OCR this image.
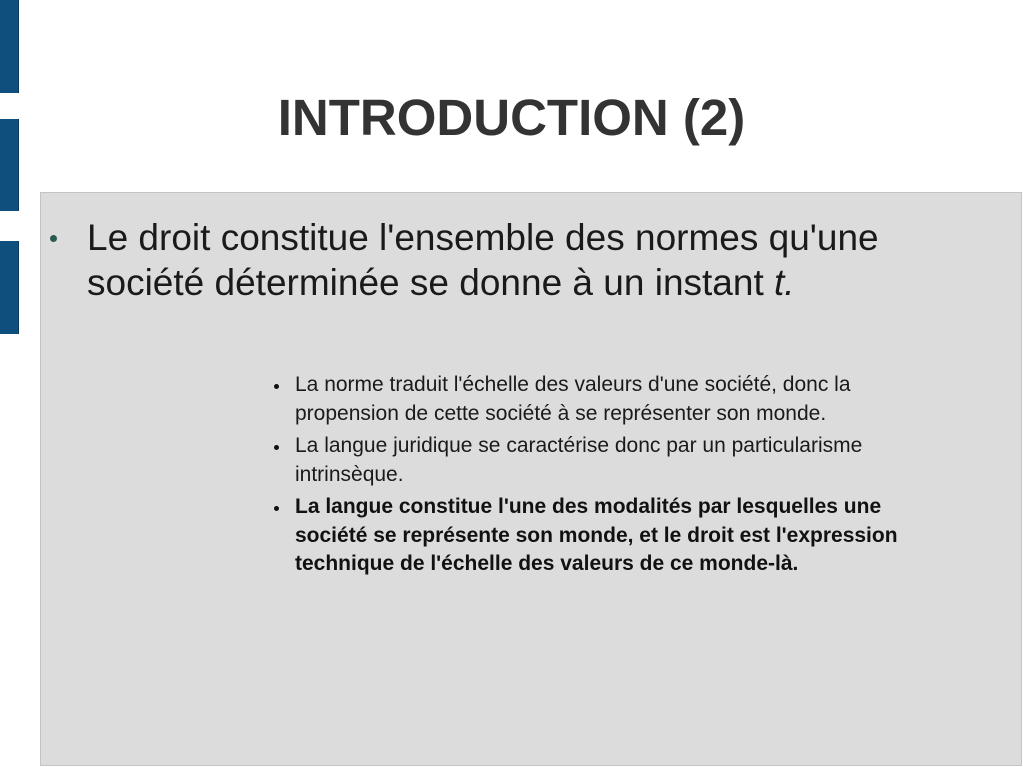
INTRODUCTION (2)
Le droit constitue l'ensemble des normes qu'une société déterminée se donne à un instant t.
La norme traduit l'échelle des valeurs d'une société, donc la propension de cette société à se représenter son monde.
La langue juridique se caractérise donc par un particularisme intrinsèque.
La langue constitue l'une des modalités par lesquelles une société se représente son monde, et le droit est l'expression technique de l'échelle des valeurs de ce monde-là.
